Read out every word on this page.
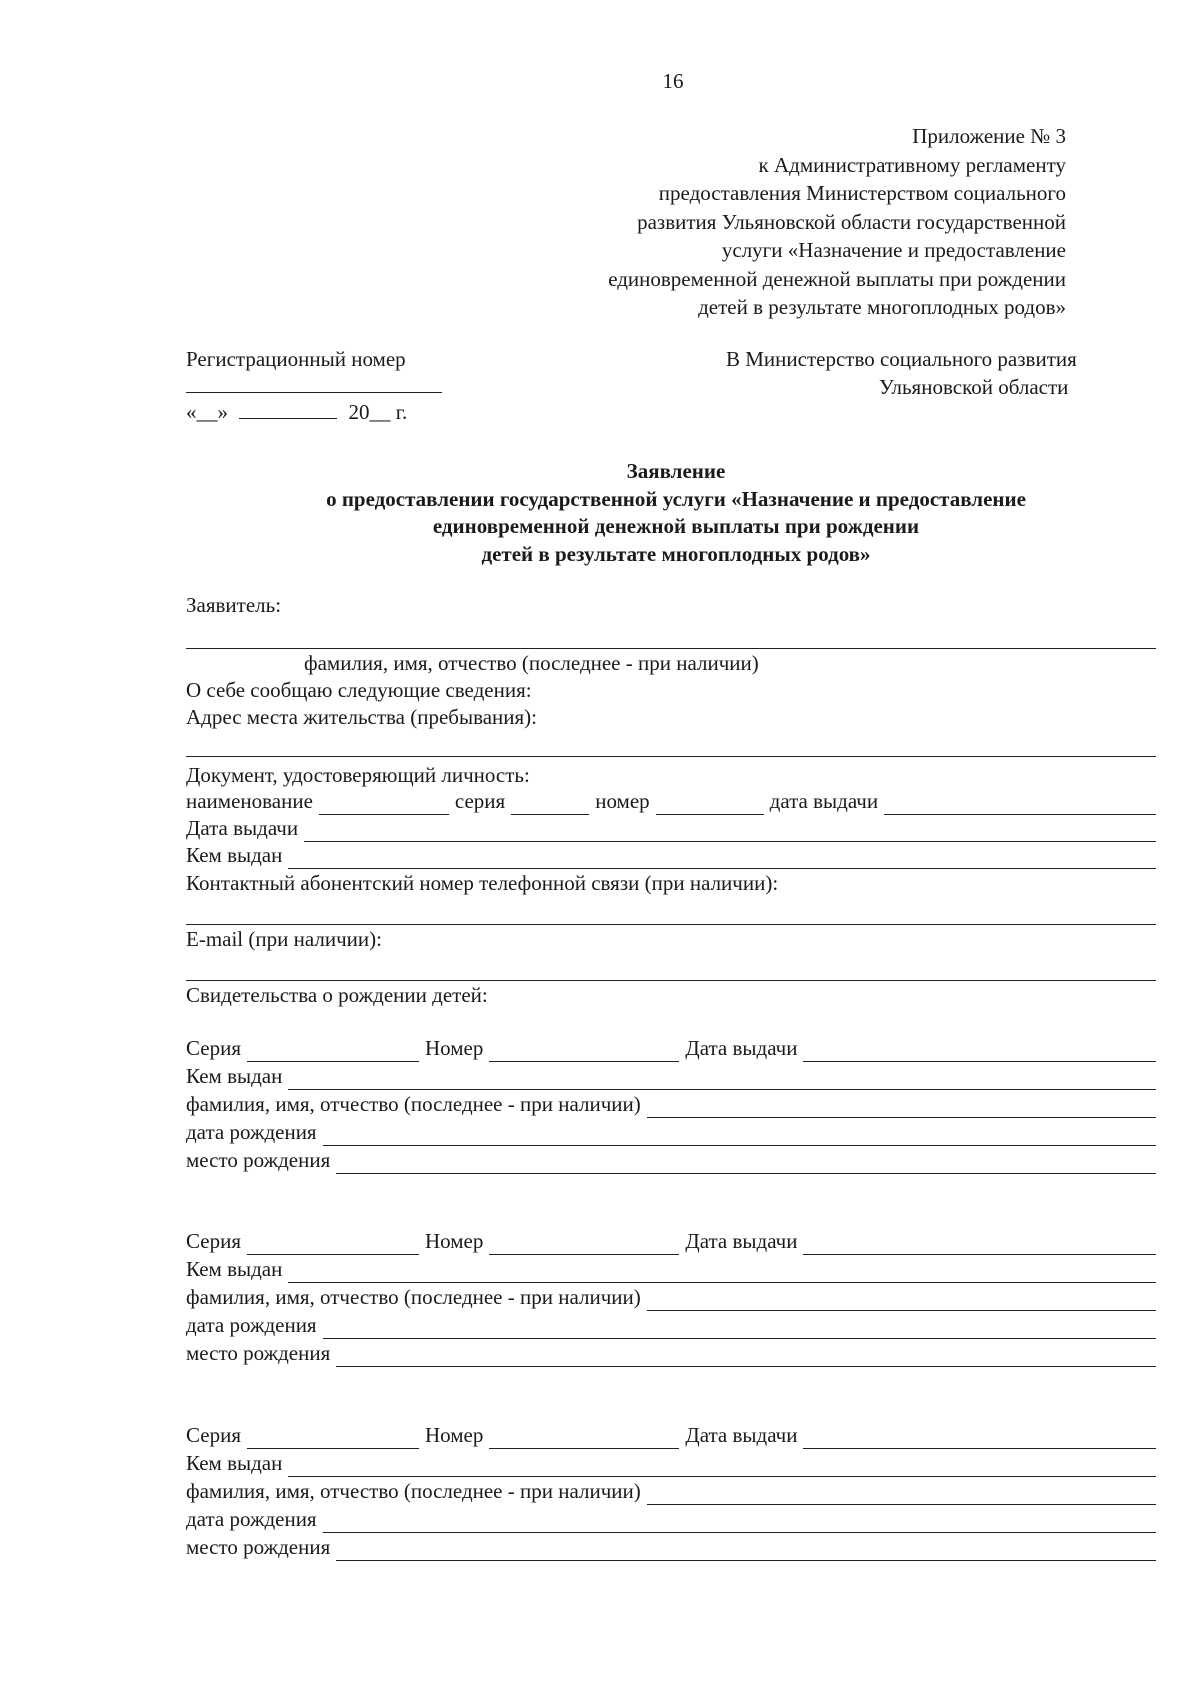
16
Приложение № 3
к Административному регламенту
предоставления Министерством социального
развития Ульяновской области государственной
услуги «Назначение и предоставление
единовременной денежной выплаты при рождении
детей в результате многоплодных родов»
Регистрационный номер
«__»	20__ г.
В Министерство социального развития
Ульяновской области
Заявление
о предоставлении государственной услуги «Назначение и предоставление
единовременной денежной выплаты при рождении
детей в результате многоплодных родов»
Заявитель:
фамилия, имя, отчество (последнее - при наличии)
О себе сообщаю следующие сведения:
Адрес места жительства (пребывания):
Документ, удостоверяющий личность:
наименование	серия	номер	дата выдачи
Дата выдачи
Кем выдан
Контактный абонентский номер телефонной связи (при наличии):
E-mail (при наличии):
Свидетельства о рождении детей:
Серия	Номер	Дата выдачи
Кем выдан
фамилия, имя, отчество (последнее - при наличии)
дата рождения
место рождения
Серия	Номер	Дата выдачи
Кем выдан
фамилия, имя, отчество (последнее - при наличии)
дата рождения
место рождения
Серия	Номер	Дата выдачи
Кем выдан
фамилия, имя, отчество (последнее - при наличии)
дата рождения
место рождения
